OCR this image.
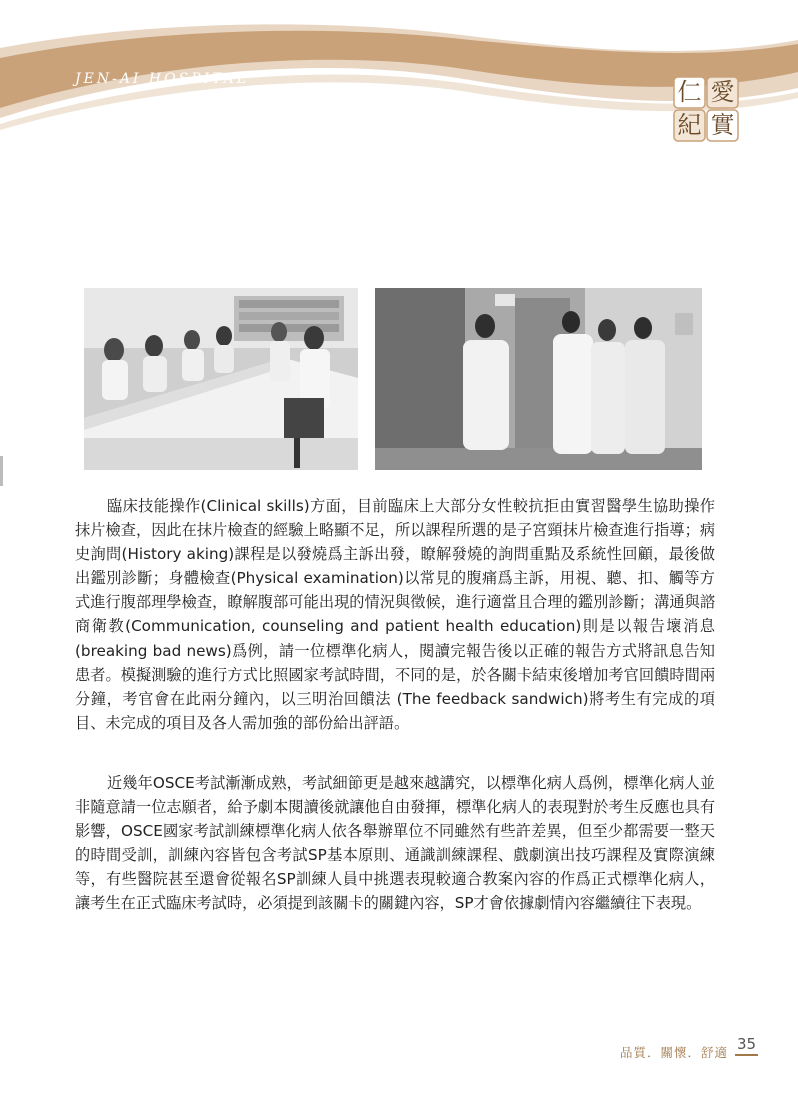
JEN-AI HOSPITAL	仁 愛
紀 實

臨床技能操作(Clinical skills)方面，目前臨床上大部分女性較抗拒由實習醫學生協助操作抹片檢查，因此在抹片檢查的經驗上略顯不足，所以課程所選的是子宮頸抹片檢查進行指導；病史詢問(History aking)課程是以發燒爲主訴出發，瞭解發燒的詢問重點及系統性回顧，最後做出鑑別診斷；身體檢查(Physical examination)以常見的腹痛爲主訴，用視、聽、扣、觸等方式進行腹部理學檢查，瞭解腹部可能出現的情況與徵候，進行適當且合理的鑑別診斷；溝通與諮商衛教(Communication, counseling and patient health education)則是以報告壞消息(breaking bad news)爲例，請一位標準化病人，閱讀完報告後以正確的報告方式將訊息告知患者。模擬測驗的進行方式比照國家考試時間，不同的是，於各關卡結束後增加考官回饋時間兩分鐘，考官會在此兩分鐘內，以三明治回饋法 (The feedback sandwich)將考生有完成的項目、未完成的項目及各人需加強的部份給出評語。

近幾年OSCE考試漸漸成熟，考試細節更是越來越講究，以標準化病人爲例，標準化病人並非隨意請一位志願者，給予劇本閱讀後就讓他自由發揮，標準化病人的表現對於考生反應也具有影響，OSCE國家考試訓練標準化病人依各舉辦單位不同雖然有些許差異，但至少都需要一整天的時間受訓，訓練內容皆包含考試SP基本原則、通識訓練課程、戲劇演出技巧課程及實際演練等，有些醫院甚至還會從報名SP訓練人員中挑選表現較適合教案內容的作爲正式標準化病人，讓考生在正式臨床考試時，必須提到該關卡的關鍵內容，SP才會依據劇情內容繼續往下表現。

品質．關懷．舒適 35
